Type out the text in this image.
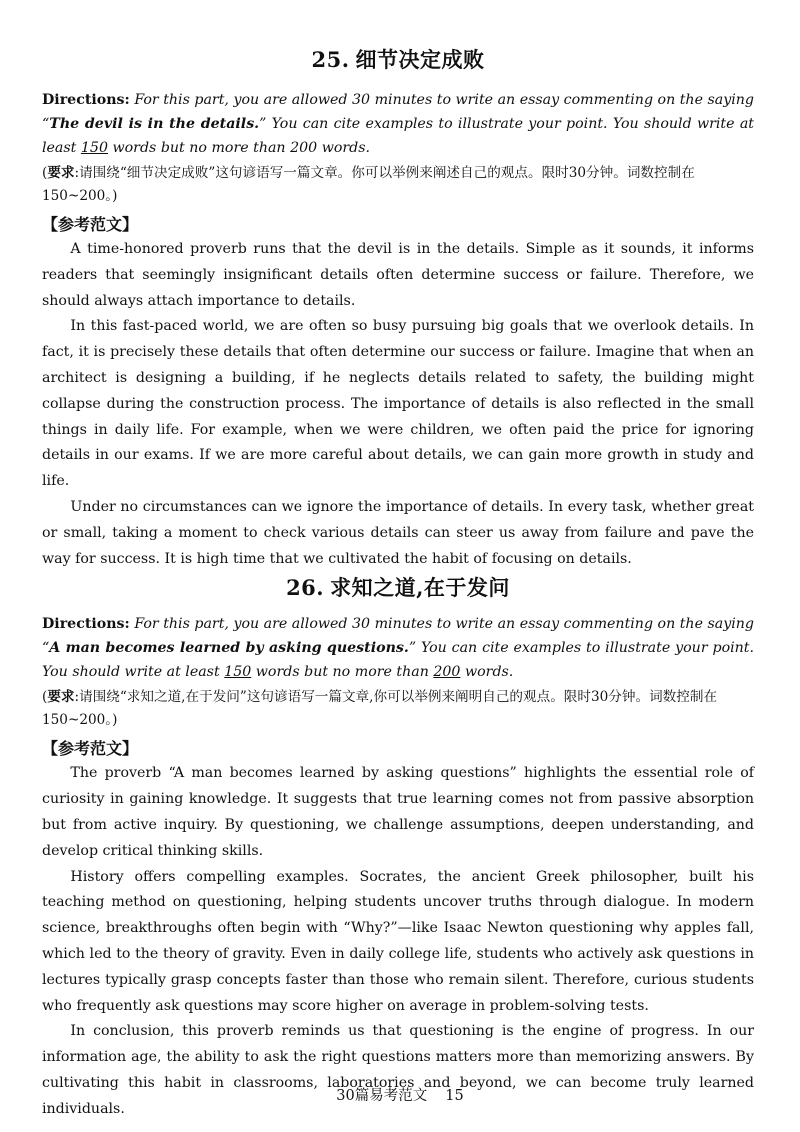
25. 细节决定成败

Directions: For this part, you are allowed 30 minutes to write an essay commenting on the saying “The devil is in the details.” You can cite examples to illustrate your point. You should write at least 150 words but no more than 200 words.

(要求:请围绕“细节决定成败”这句谚语写一篇文章。你可以举例来阐述自己的观点。限时30分钟。词数控制在150~200。)

【参考范文】

A time-honored proverb runs that the devil is in the details. Simple as it sounds, it informs readers that seemingly insignificant details often determine success or failure. Therefore, we should always attach importance to details.

In this fast-paced world, we are often so busy pursuing big goals that we overlook details. In fact, it is precisely these details that often determine our success or failure. Imagine that when an architect is designing a building, if he neglects details related to safety, the building might collapse during the construction process. The importance of details is also reflected in the small things in daily life. For example, when we were children, we often paid the price for ignoring details in our exams. If we are more careful about details, we can gain more growth in study and life.

Under no circumstances can we ignore the importance of details. In every task, whether great or small, taking a moment to check various details can steer us away from failure and pave the way for success. It is high time that we cultivated the habit of focusing on details.

26. 求知之道,在于发问

Directions: For this part, you are allowed 30 minutes to write an essay commenting on the saying “A man becomes learned by asking questions.” You can cite examples to illustrate your point. You should write at least 150 words but no more than 200 words.

(要求:请围绕“求知之道,在于发问”这句谚语写一篇文章,你可以举例来阐明自己的观点。限时30分钟。词数控制在150~200。)

【参考范文】

The proverb “A man becomes learned by asking questions” highlights the essential role of curiosity in gaining knowledge. It suggests that true learning comes not from passive absorption but from active inquiry. By questioning, we challenge assumptions, deepen understanding, and develop critical thinking skills.

History offers compelling examples. Socrates, the ancient Greek philosopher, built his teaching method on questioning, helping students uncover truths through dialogue. In modern science, breakthroughs often begin with “Why?”—like Isaac Newton questioning why apples fall, which led to the theory of gravity. Even in daily college life, students who actively ask questions in lectures typically grasp concepts faster than those who remain silent. Therefore, curious students who frequently ask questions may score higher on average in problem-solving tests.

In conclusion, this proverb reminds us that questioning is the engine of progress. In our information age, the ability to ask the right questions matters more than memorizing answers. By cultivating this habit in classrooms, laboratories and beyond, we can become truly learned individuals.

30篇易考范文 15
